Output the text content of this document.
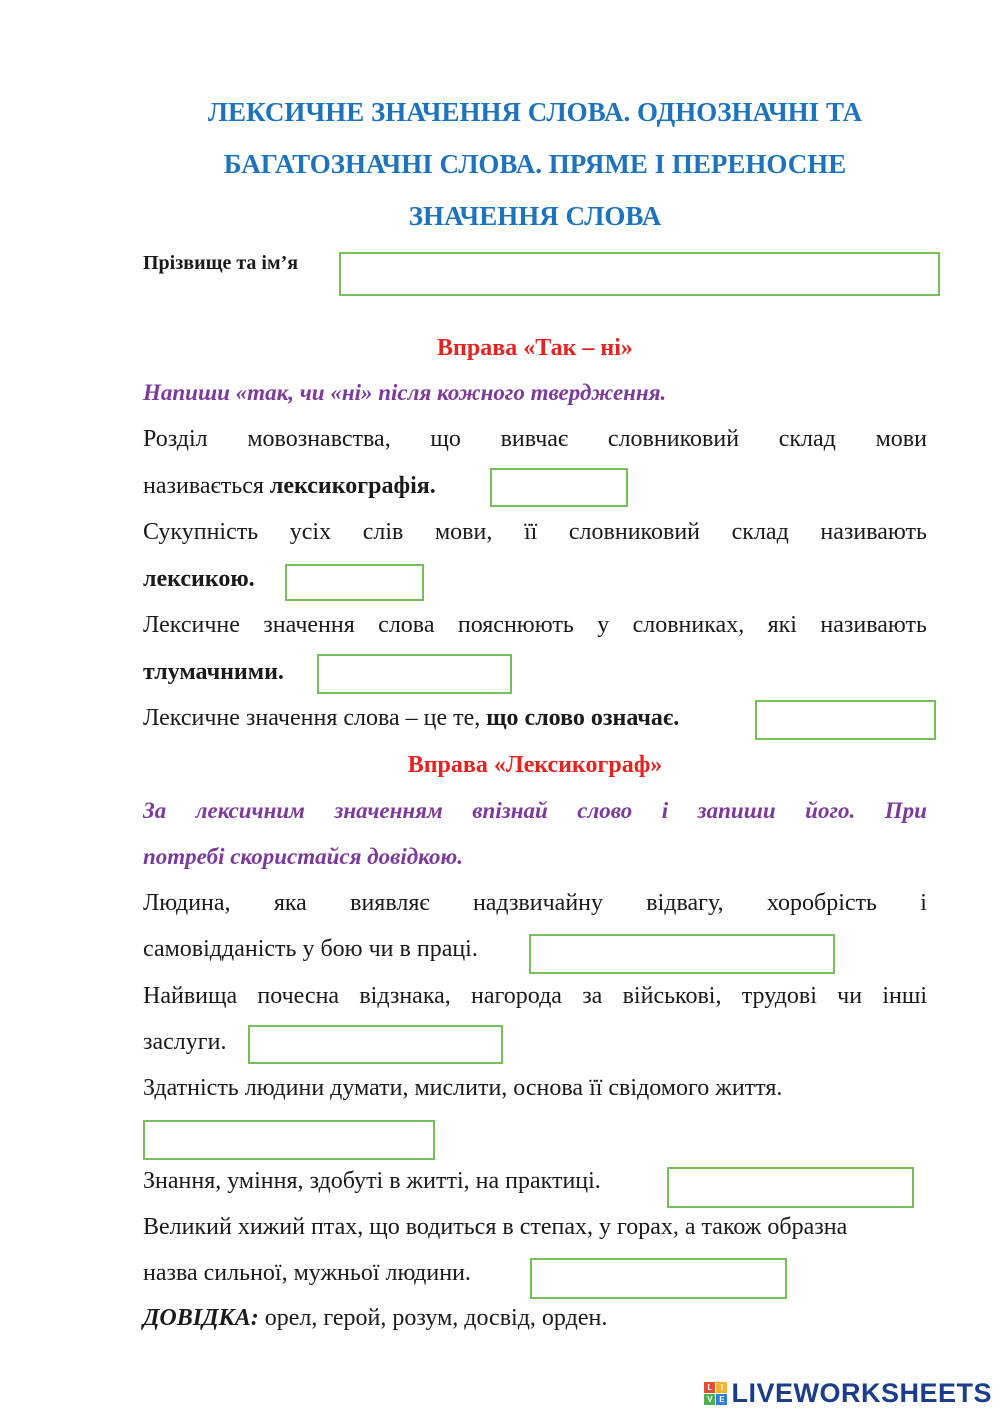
ЛЕКСИЧНЕ ЗНАЧЕННЯ СЛОВА. ОДНОЗНАЧНІ ТА
БАГАТОЗНАЧНІ СЛОВА. ПРЯМЕ І ПЕРЕНОСНЕ
ЗНАЧЕННЯ СЛОВА
Прізвище та ім’я
Вправа «Так – ні»
Напиши «так, чи «ні» після кожного твердження.
Розділ мовознавства, що вивчає словниковий склад мови
називається лексикографія.
Сукупність усіх слів мови, її словниковий склад називають
лексикою.
Лексичне значення слова пояснюють у словниках, які називають
тлумачними.
Лексичне значення слова – це те, що слово означає.
Вправа «Лексикограф»
За лексичним значенням впізнай слово і запиши його. При
потребі скористайся довідкою.
Людина, яка виявляє надзвичайну відвагу, хоробрість і
самовідданість у бою чи в праці.
Найвища почесна відзнака, нагорода за військові, трудові чи інші
заслуги.
Здатність людини думати, мислити, основа її свідомого життя.
Знання, уміння, здобуті в житті, на практиці.
Великий хижий птах, що водиться в степах, у горах, а також образна
назва сильної, мужньої людини.
ДОВІДКА: орел, герой, розум, досвід, орден.
L	I
V E LIVEWORKSHEETS
